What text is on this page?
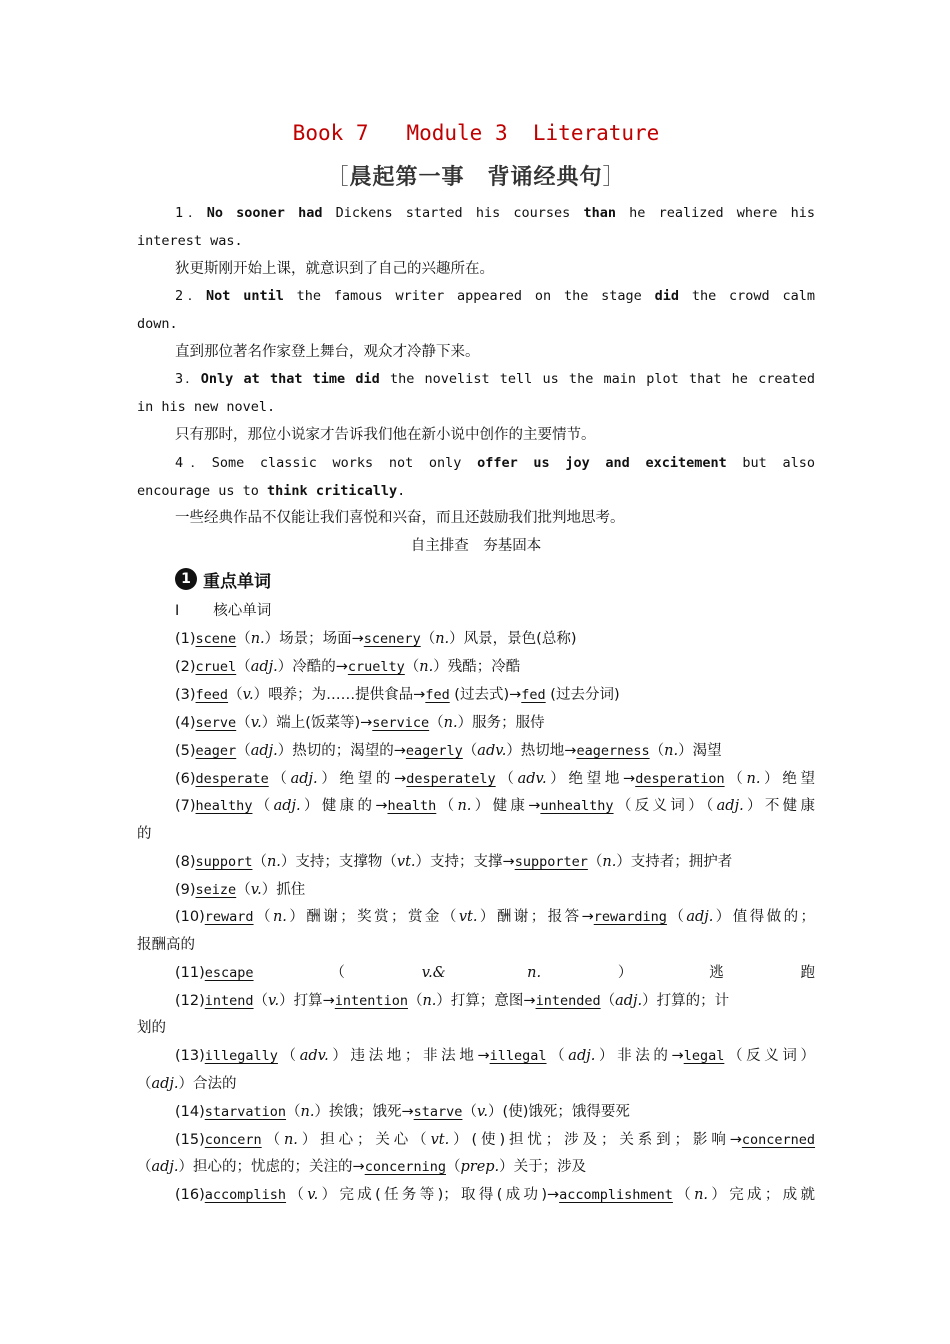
Book 7   Module 3  Literature
［晨起第一事　背诵经典句］
1．No sooner had Dickens started his courses than he realized where his
interest was.
狄更斯刚开始上课，就意识到了自己的兴趣所在。
2．Not until the famous writer appeared on the stage did the crowd calm
down.
直到那位著名作家登上舞台，观众才冷静下来。
3．Only at that time did the novelist tell us the main plot that he created
in his new novel.
只有那时，那位小说家才告诉我们他在新小说中创作的主要情节。
4．Some classic works not only offer us joy and excitement but also
encourage us to think critically.
一些经典作品不仅能让我们喜悦和兴奋，而且还鼓励我们批判地思考。
自主排查　夯基固本
1 重点单词
Ⅰ 核心单词
(1)scene（n.）场景；场面→scenery（n.）风景，景色(总称)
(2)cruel（adj.）冷酷的→cruelty（n.）残酷；冷酷
(3)feed（v.）喂养；为……提供食品→fed (过去式)→fed (过去分词)
(4)serve（v.）端上(饭菜等)→service（n.）服务；服侍
(5)eager（adj.）热切的；渴望的→eagerly（adv.）热切地→eagerness（n.）渴望
(6)desperate（adj.）绝望的→desperately（adv.）绝望地→desperation（n.）绝望
(7)healthy（adj.）健康的→health（n.）健康→unhealthy（反义词）（adj.）不健康
的
(8)support（n.）支持；支撑物（vt.）支持；支撑→supporter（n.）支持者；拥护者
(9)seize（v.）抓住
(10)reward（n.）酬谢；奖赏；赏金（vt.）酬谢；报答→rewarding（adj.）值得做的；
报酬高的
(11)escape（v.& n.）逃跑
(12)intend（v.）打算→intention（n.）打算；意图→intended（adj.）打算的；计
划的
(13)illegally（adv.）违法地；非法地→illegal（adj.）非法的→legal（反义词）
（adj.）合法的
(14)starvation（n.）挨饿；饿死→starve（v.）(使)饿死；饿得要死
(15)concern（n.）担心；关心（vt.）(使)担忧；涉及；关系到；影响→concerned
（adj.）担心的；忧虑的；关注的→concerning（prep.）关于；涉及
(16)accomplish（v.）完成(任务等)；取得(成功)→accomplishment（n.）完成；成就
